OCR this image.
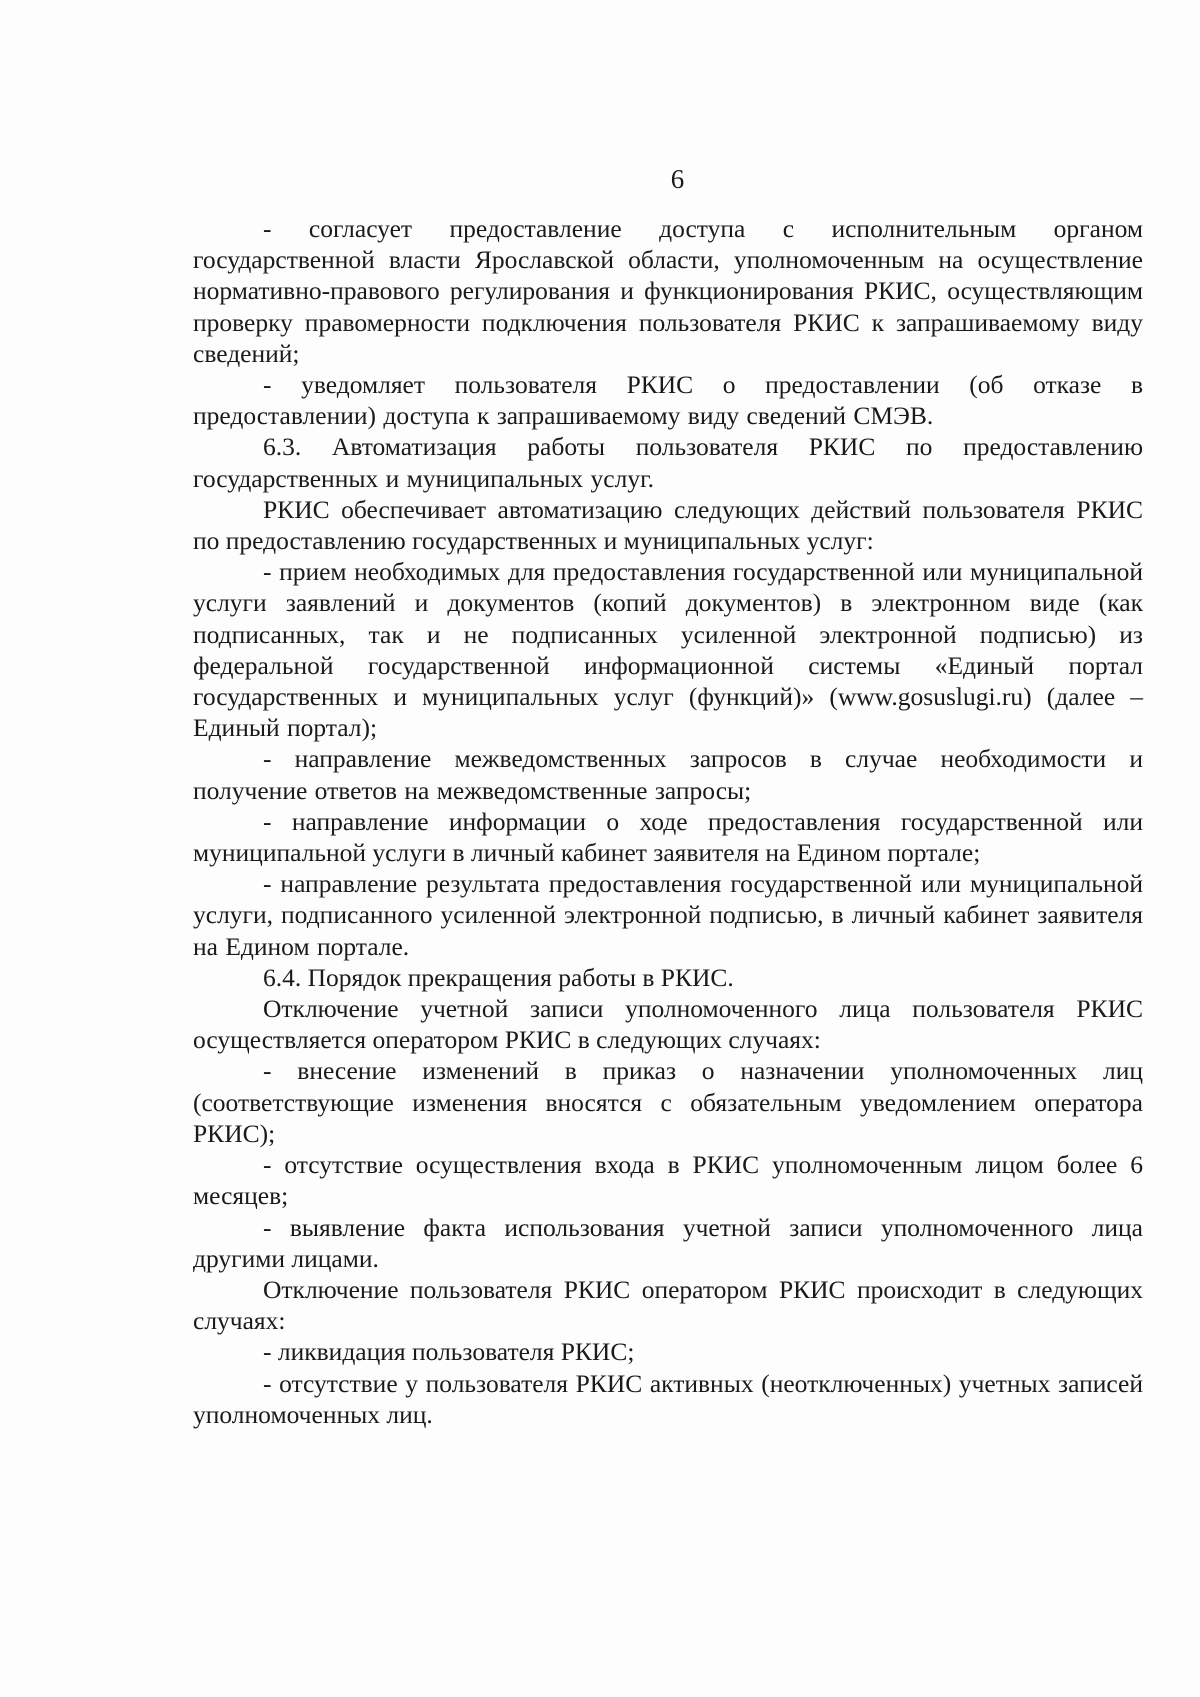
6

- согласует предоставление доступа с исполнительным органом государственной власти Ярославской области, уполномоченным на осуществление нормативно-правового регулирования и функционирования РКИС, осуществляющим проверку правомерности подключения пользователя РКИС к запрашиваемому виду сведений;

- уведомляет пользователя РКИС о предоставлении (об отказе в предоставлении) доступа к запрашиваемому виду сведений СМЭВ.

6.3. Автоматизация работы пользователя РКИС по предоставлению государственных и муниципальных услуг.

РКИС обеспечивает автоматизацию следующих действий пользователя РКИС по предоставлению государственных и муниципальных услуг:

- прием необходимых для предоставления государственной или муниципальной услуги заявлений и документов (копий документов) в электронном виде (как подписанных, так и не подписанных усиленной электронной подписью) из федеральной государственной информационной системы «Единый портал государственных и муниципальных услуг (функций)» (www.gosuslugi.ru) (далее – Единый портал);

- направление межведомственных запросов в случае необходимости и получение ответов на межведомственные запросы;

- направление информации о ходе предоставления государственной или муниципальной услуги в личный кабинет заявителя на Едином портале;

- направление результата предоставления государственной или муниципальной услуги, подписанного усиленной электронной подписью, в личный кабинет заявителя на Едином портале.

6.4. Порядок прекращения работы в РКИС.

Отключение учетной записи уполномоченного лица пользователя РКИС осуществляется оператором РКИС в следующих случаях:

- внесение изменений в приказ о назначении уполномоченных лиц (соответствующие изменения вносятся с обязательным уведомлением оператора РКИС);

- отсутствие осуществления входа в РКИС уполномоченным лицом более 6 месяцев;

- выявление факта использования учетной записи уполномоченного лица другими лицами.

Отключение пользователя РКИС оператором РКИС происходит в следующих случаях:

- ликвидация пользователя РКИС;

- отсутствие у пользователя РКИС активных (неотключенных) учетных записей уполномоченных лиц.
